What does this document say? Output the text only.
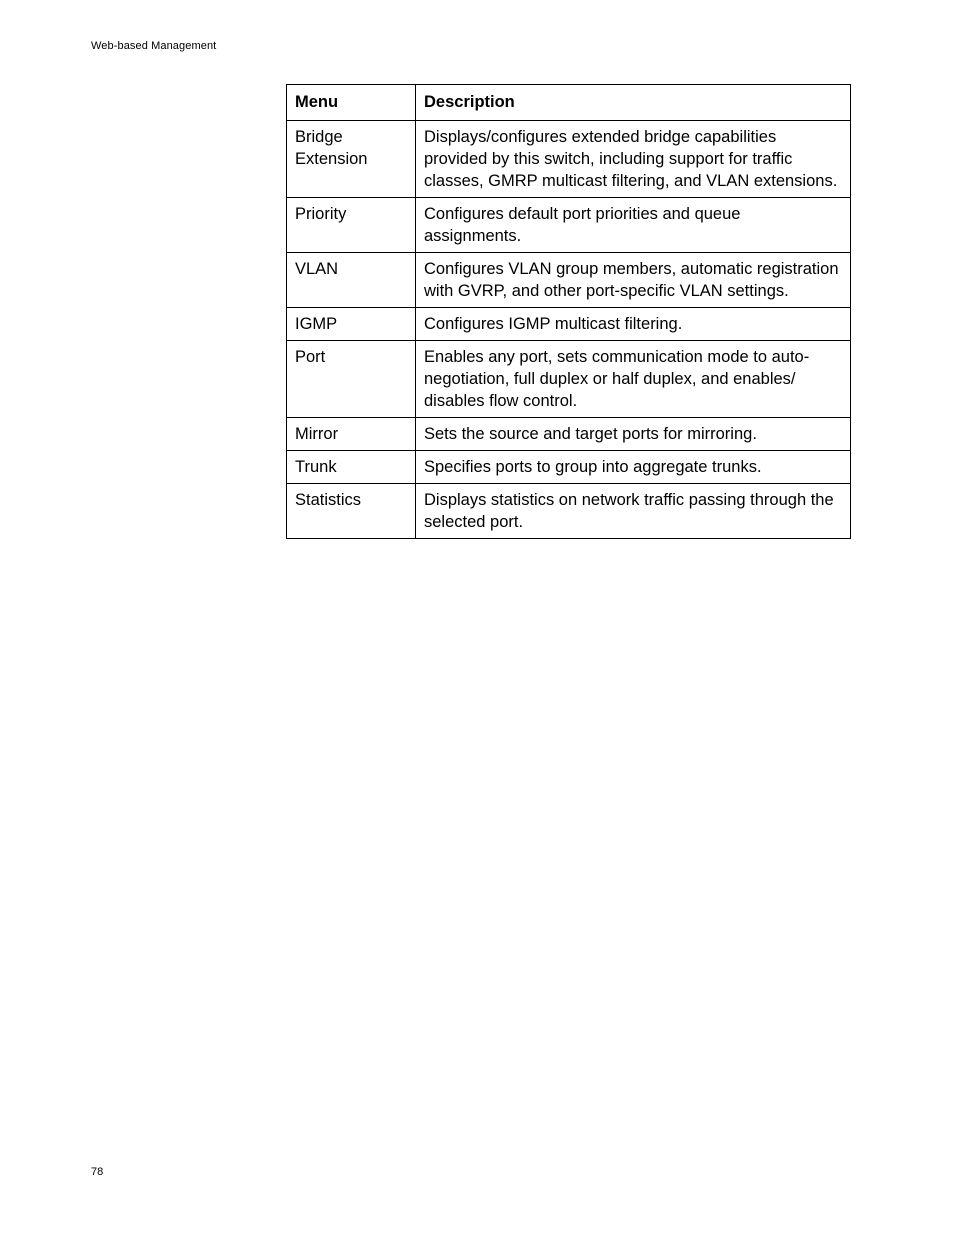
Web-based Management
Menu	Description
Bridge Extension	Displays/configures extended bridge capabilities provided by this switch, including support for traffic classes, GMRP multicast filtering, and VLAN extensions.
Priority	Configures default port priorities and queue assignments.
VLAN	Configures VLAN group members, automatic registration with GVRP, and other port-specific VLAN settings.
IGMP	Configures IGMP multicast filtering.
Port	Enables any port, sets communication mode to auto-negotiation, full duplex or half duplex, and enables/ disables flow control.
Mirror	Sets the source and target ports for mirroring.
Trunk	Specifies ports to group into aggregate trunks.
Statistics	Displays statistics on network traffic passing through the selected port.
78
